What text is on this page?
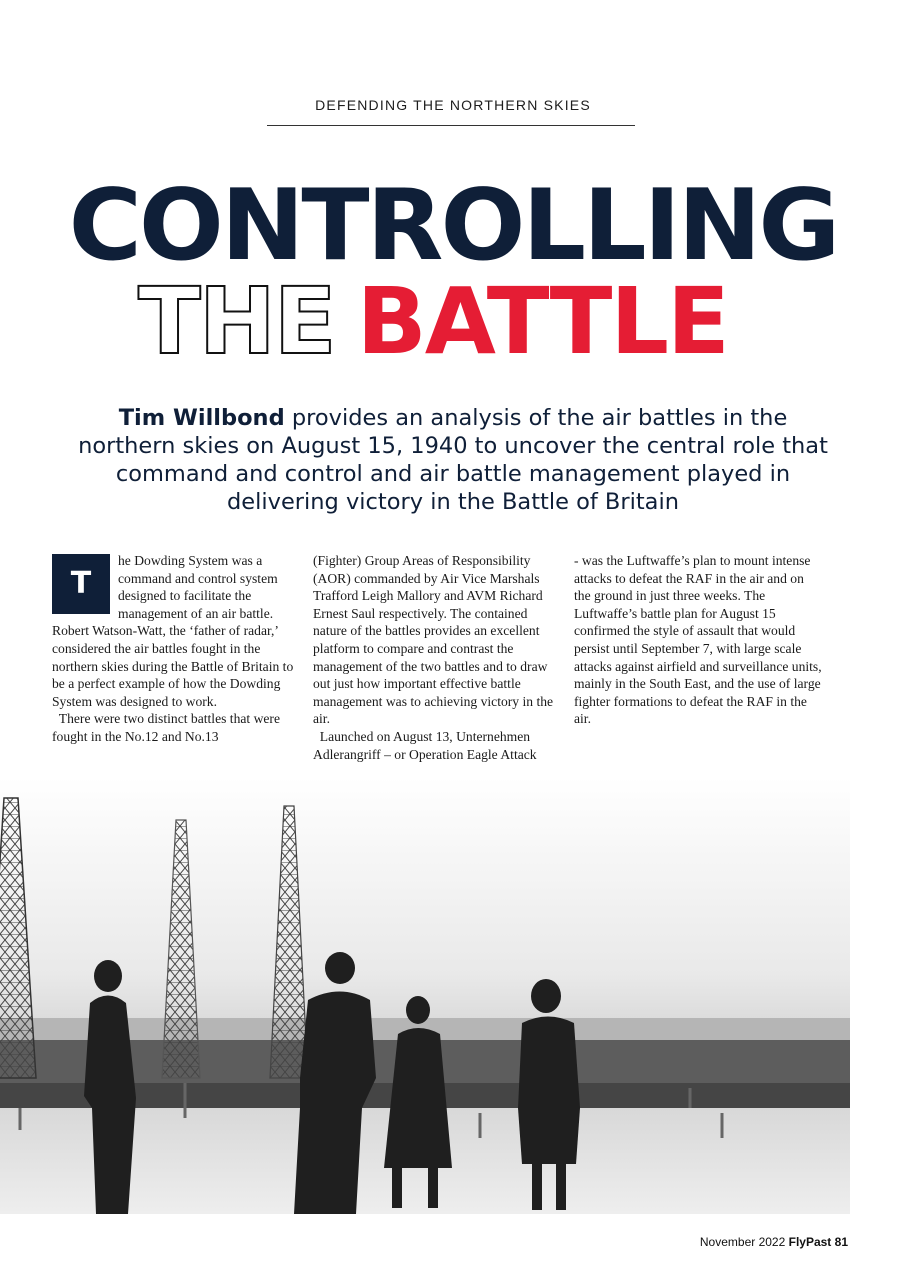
DEFENDING THE NORTHERN SKIES
CONTROLLING
THE BATTLE
Tim Willbond provides an analysis of the air battles in the northern skies on August 15, 1940 to uncover the central role that command and control and air battle management played in delivering victory in the Battle of Britain

T
he Dowding System was a command and control system designed to facilitate the management of an air battle. Robert Watson-Watt, the ‘father of radar,’ considered the air battles fought in the northern skies during the Battle of Britain to be a perfect example of how the Dowding System was designed to work.

There were two distinct battles that were fought in the No.12 and No.13

(Fighter) Group Areas of Responsibility (AOR) commanded by Air Vice Marshals Trafford Leigh Mallory and AVM Richard Ernest Saul respectively. The contained nature of the battles provides an excellent platform to compare and contrast the management of the two battles and to draw out just how important effective battle management was to achieving victory in the air.

Launched on August 13, Unternehmen Adlerangriff – or Operation Eagle Attack

- was the Luftwaffe’s plan to mount intense attacks to defeat the RAF in the air and on the ground in just three weeks. The Luftwaffe’s battle plan for August 15 confirmed the style of assault that would persist until September 7, with large scale attacks against airfield and surveillance units, mainly in the South East, and the use of large fighter formations to defeat the RAF in the air.

November 2022 FlyPast 81
